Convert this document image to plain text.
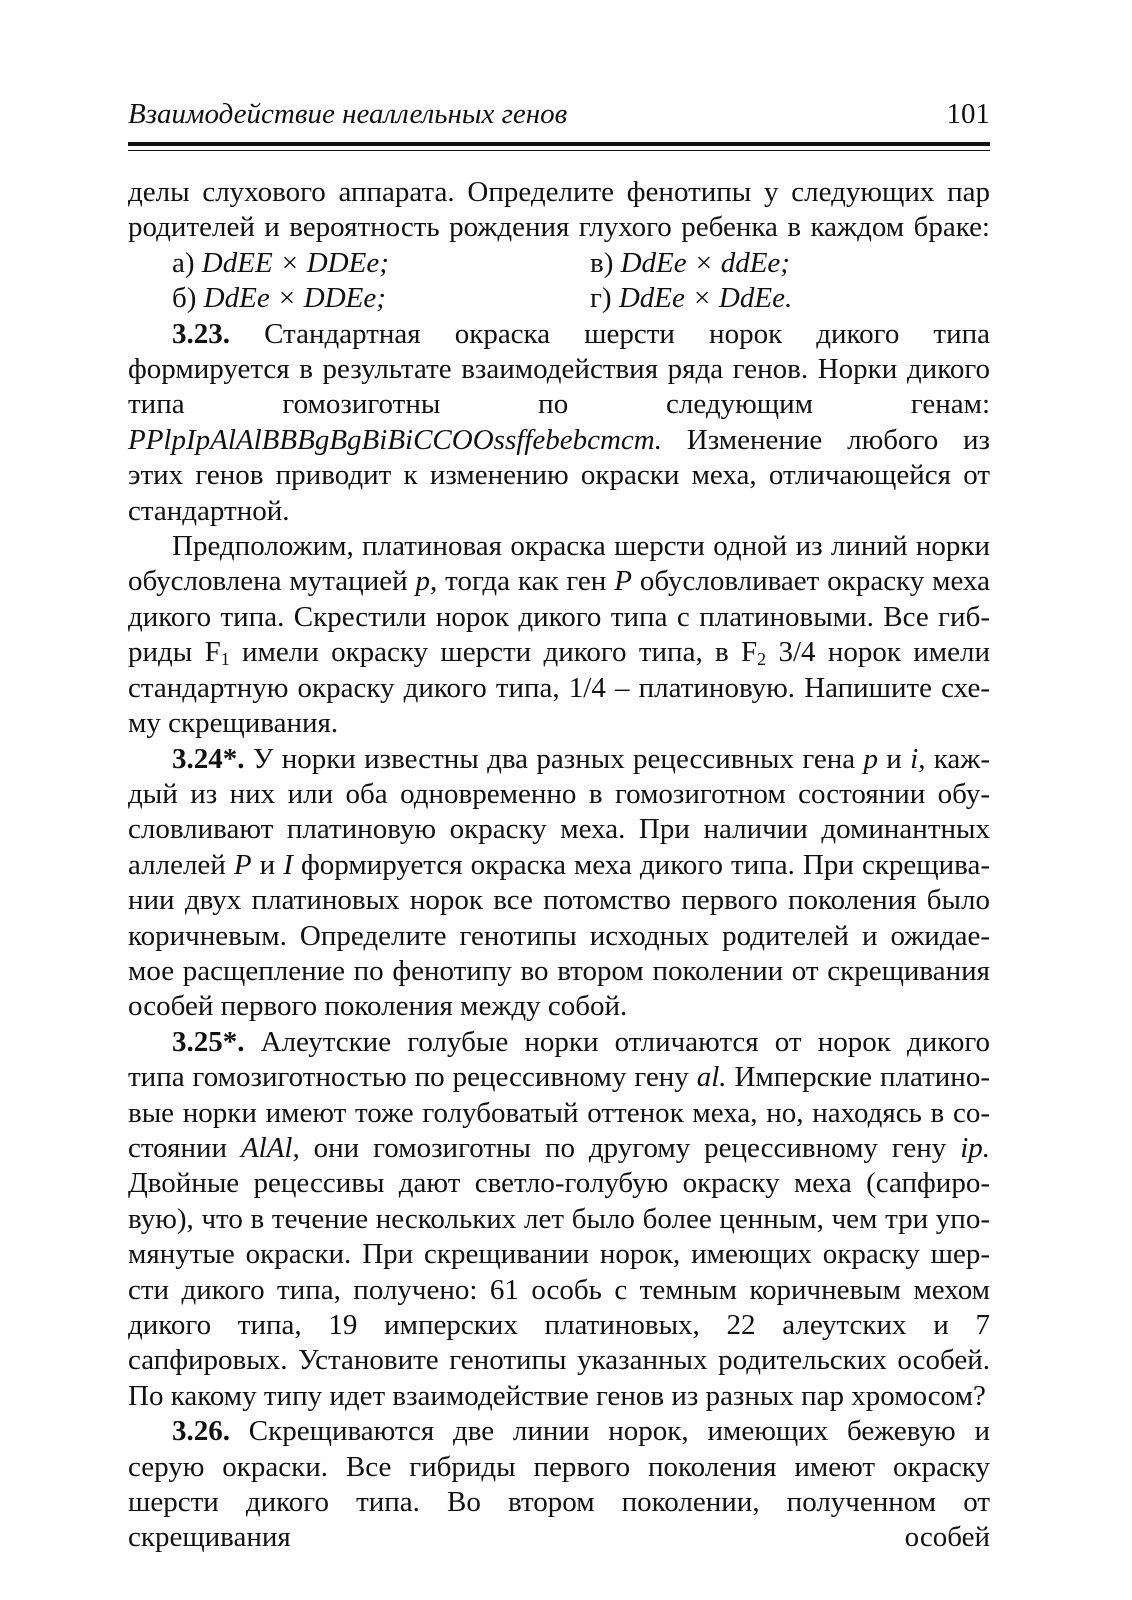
Взаимодействие неаллельных генов	101

делы слухового аппарата. Определите фенотипы у следующих пар родителей и вероятность рождения глухого ребенка в каждом браке:

а) DdEE × DDEe;	в) DdEe × ddEe;
б) DdEe × DDEe;	г) DdEe × DdEe.

3.23. Стандартная окраска шерсти норок дикого типа формируется в результате взаимодействия ряда генов. Норки дикого типа гомозиготны по следующим генам: PPlpIpAlAlBBBgBgBiBiCCOOssffebebcmcm. Изменение любого из этих генов приводит к изменению окраски меха, отличающейся от стандартной.

Предположим, платиновая окраска шерсти одной из линий норки обусловлена мутацией p, тогда как ген P обусловливает окраску меха дикого типа. Скрестили норок дикого типа с платиновыми. Все гибриды $F_1$ имели окраску шерсти дикого типа, в $F_2$ 3/4 норок имели стандартную окраску дикого типа, 1/4 – платиновую. Напишите схему скрещивания.

3.24*. У норки известны два разных рецессивных гена р и i, каждый из них или оба одновременно в гомозиготном состоянии обусловливают платиновую окраску меха. При наличии доминантных аллелей Р и I формируется окраска меха дикого типа. При скрещивании двух платиновых норок все потомство первого поколения было коричневым. Определите генотипы исходных родителей и ожидаемое расщепление по фенотипу во втором поколении от скрещивания особей первого поколения между собой.

3.25*. Алеутские голубые норки отличаются от норок дикого типа гомозиготностью по рецессивному гену al. Имперские платиновые норки имеют тоже голубоватый оттенок меха, но, находясь в состоянии AlAl, они гомозиготны по другому рецессивному гену ip. Двойные рецессивы дают светло-голубую окраску меха (сапфировую), что в течение нескольких лет было более ценным, чем три упомянутые окраски. При скрещивании норок, имеющих окраску шерсти дикого типа, получено: 61 особь с темным коричневым мехом дикого типа, 19 имперских платиновых, 22 алеутских и 7 сапфировых. Установите генотипы указанных родительских особей. По какому типу идет взаимодействие генов из разных пар хромосом?

3.26. Скрещиваются две линии норок, имеющих бежевую и серую окраски. Все гибриды первого поколения имеют окраску шерсти дикого типа. Во втором поколении, полученном от скрещивания особей
